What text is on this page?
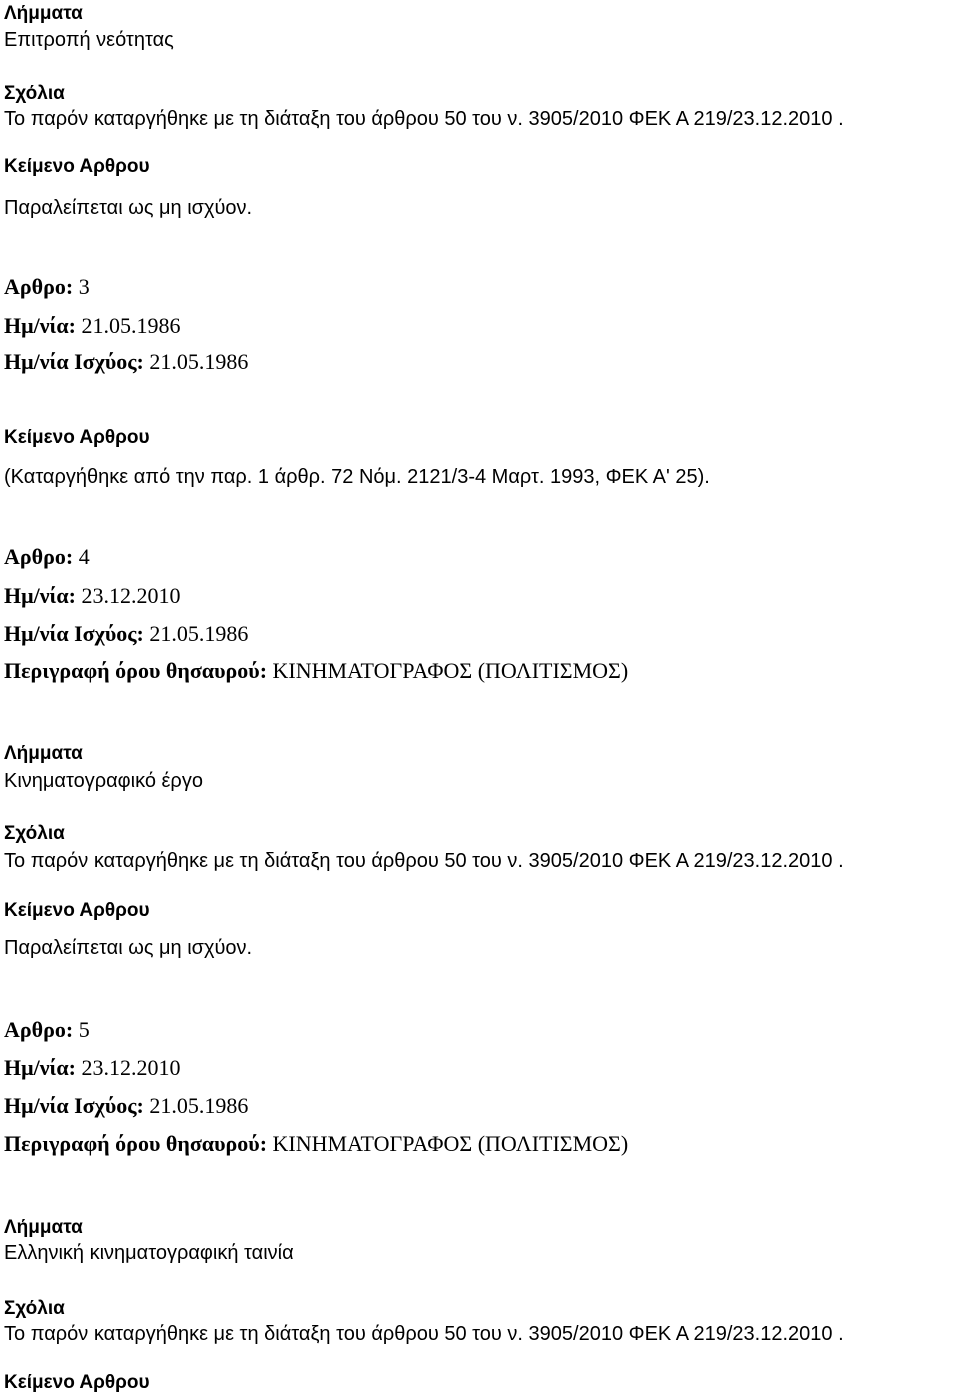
Λήμματα
Επιτροπή νεότητας
Σχόλια
Το παρόν καταργήθηκε με τη διάταξη του άρθρου 50 του ν. 3905/2010 ΦΕΚ Α 219/23.12.2010 .
Κείμενο Αρθρου
Παραλείπεται ως μη ισχύον.
Αρθρο: 3
Ημ/νία: 21.05.1986
Ημ/νία Ισχύος: 21.05.1986
Κείμενο Αρθρου
(Καταργήθηκε από την παρ. 1 άρθρ. 72 Νόμ. 2121/3-4 Μαρτ. 1993, ΦΕΚ Α' 25).
Αρθρο: 4
Ημ/νία: 23.12.2010
Ημ/νία Ισχύος: 21.05.1986
Περιγραφή όρου θησαυρού: ΚΙΝΗΜΑΤΟΓΡΑΦΟΣ (ΠΟΛΙΤΙΣΜΟΣ)
Λήμματα
Κινηματογραφικό έργο
Σχόλια
Το παρόν καταργήθηκε με τη διάταξη του άρθρου 50 του ν. 3905/2010 ΦΕΚ Α 219/23.12.2010 .
Κείμενο Αρθρου
Παραλείπεται ως μη ισχύον.
Αρθρο: 5
Ημ/νία: 23.12.2010
Ημ/νία Ισχύος: 21.05.1986
Περιγραφή όρου θησαυρού: ΚΙΝΗΜΑΤΟΓΡΑΦΟΣ (ΠΟΛΙΤΙΣΜΟΣ)
Λήμματα
Ελληνική κινηματογραφική ταινία
Σχόλια
Το παρόν καταργήθηκε με τη διάταξη του άρθρου 50 του ν. 3905/2010 ΦΕΚ Α 219/23.12.2010 .
Κείμενο Αρθρου
